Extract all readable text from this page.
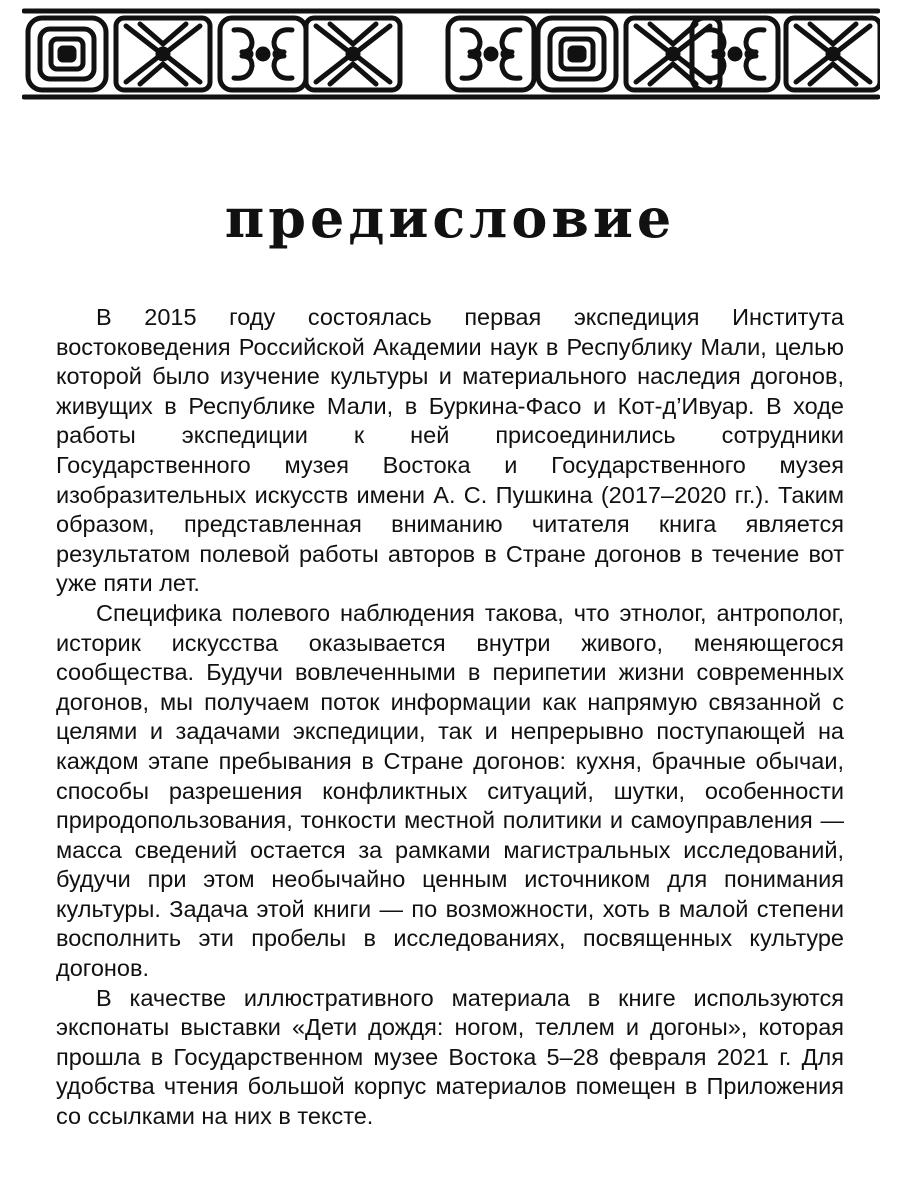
предисловие

В 2015 году состоялась первая экспедиция Института востоковедения Российской Академии наук в Республику Мали, целью которой было изучение культуры и материального наследия догонов, живущих в Республике Мали, в Буркина-Фасо и Кот-д’Ивуар. В ходе работы экспедиции к ней присоединились сотрудники Государственного музея Востока и Государственного музея изобразительных искусств имени А. С. Пушкина (2017–2020 гг.). Таким образом, представленная вниманию читателя книга является результатом полевой работы авторов в Стране догонов в течение вот уже пяти лет.

Специфика полевого наблюдения такова, что этнолог, антрополог, историк искусства оказывается внутри живого, меняющегося сообщества. Будучи вовлеченными в перипетии жизни современных догонов, мы получаем поток информации как напрямую связанной с целями и задачами экспедиции, так и непрерывно поступающей на каждом этапе пребывания в Стране догонов: кухня, брачные обычаи, способы разрешения конфликтных ситуаций, шутки, особенности природопользования, тонкости местной политики и самоуправления — масса сведений остается за рамками магистральных исследований, будучи при этом необычайно ценным источником для понимания культуры. Задача этой книги — по возможности, хоть в малой степени восполнить эти пробелы в исследованиях, посвященных культуре догонов.

В качестве иллюстративного материала в книге используются экспонаты выставки «Дети дождя: ногом, теллем и догоны», которая прошла в Государственном музее Востока 5–28 февраля 2021 г. Для удобства чтения большой корпус материалов помещен в Приложения со ссылками на них в тексте.
